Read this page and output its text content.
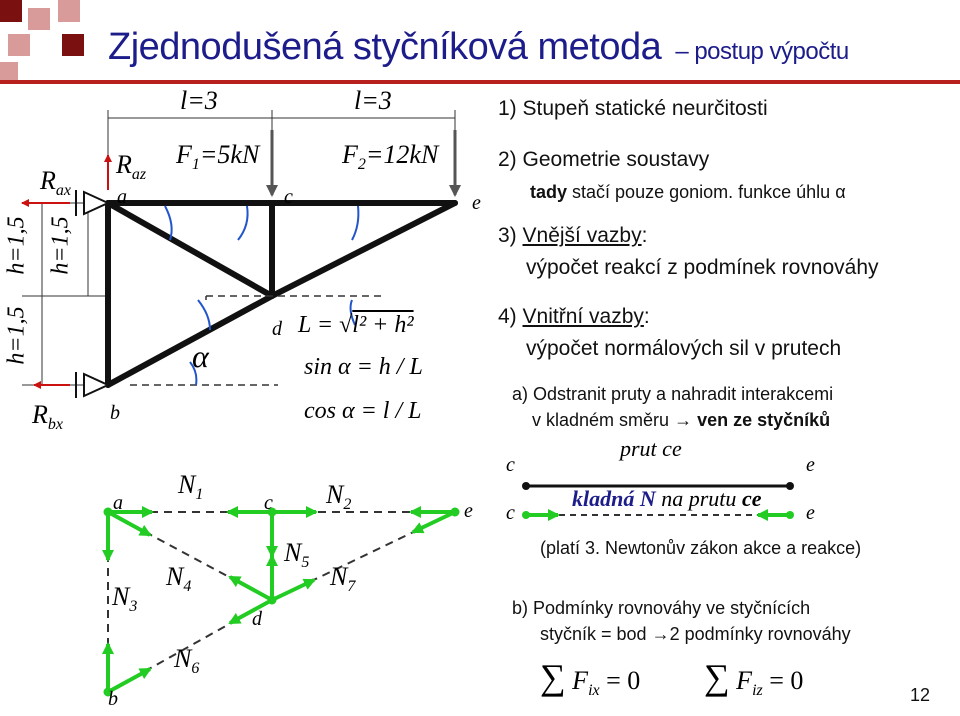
Zjednodušená styčníková metoda – postup výpočtu
l=3	l=3
h=1,5 h=1,5
h=1,5
$R_{ax}$
$R_{az}$
$R_{bx}$
$F_1=5kN$	$F_2=12kN$
a	c	e
d
b
α
L = √l² + h²
sin α = h / L
cos α = l / L
a	c	e
d
b
$N_1$	$N_2$
$N_3$
$N_4$
$N_5$
$N_6$
$N_7$
1) Stupeň statické neurčitosti
2) Geometrie soustavy
tady stačí pouze goniom. funkce úhlu α
3) Vnější vazby:
výpočet reakcí z podmínek rovnováhy
4) Vnitřní vazby:
výpočet normálových sil v prutech
a) Odstranit pruty a nahradit interakcemi
v kladném směru → ven ze styčníků
prut ce
c	e
c	e
kladná N na prutu ce
(platí 3. Newtonův zákon akce a reakce)
b) Podmínky rovnováhy ve styčnících
styčník = bod →2 podmínky rovnováhy
∑ $F_{ix} = 0$ ∑ $F_{iz} = 0$	12
